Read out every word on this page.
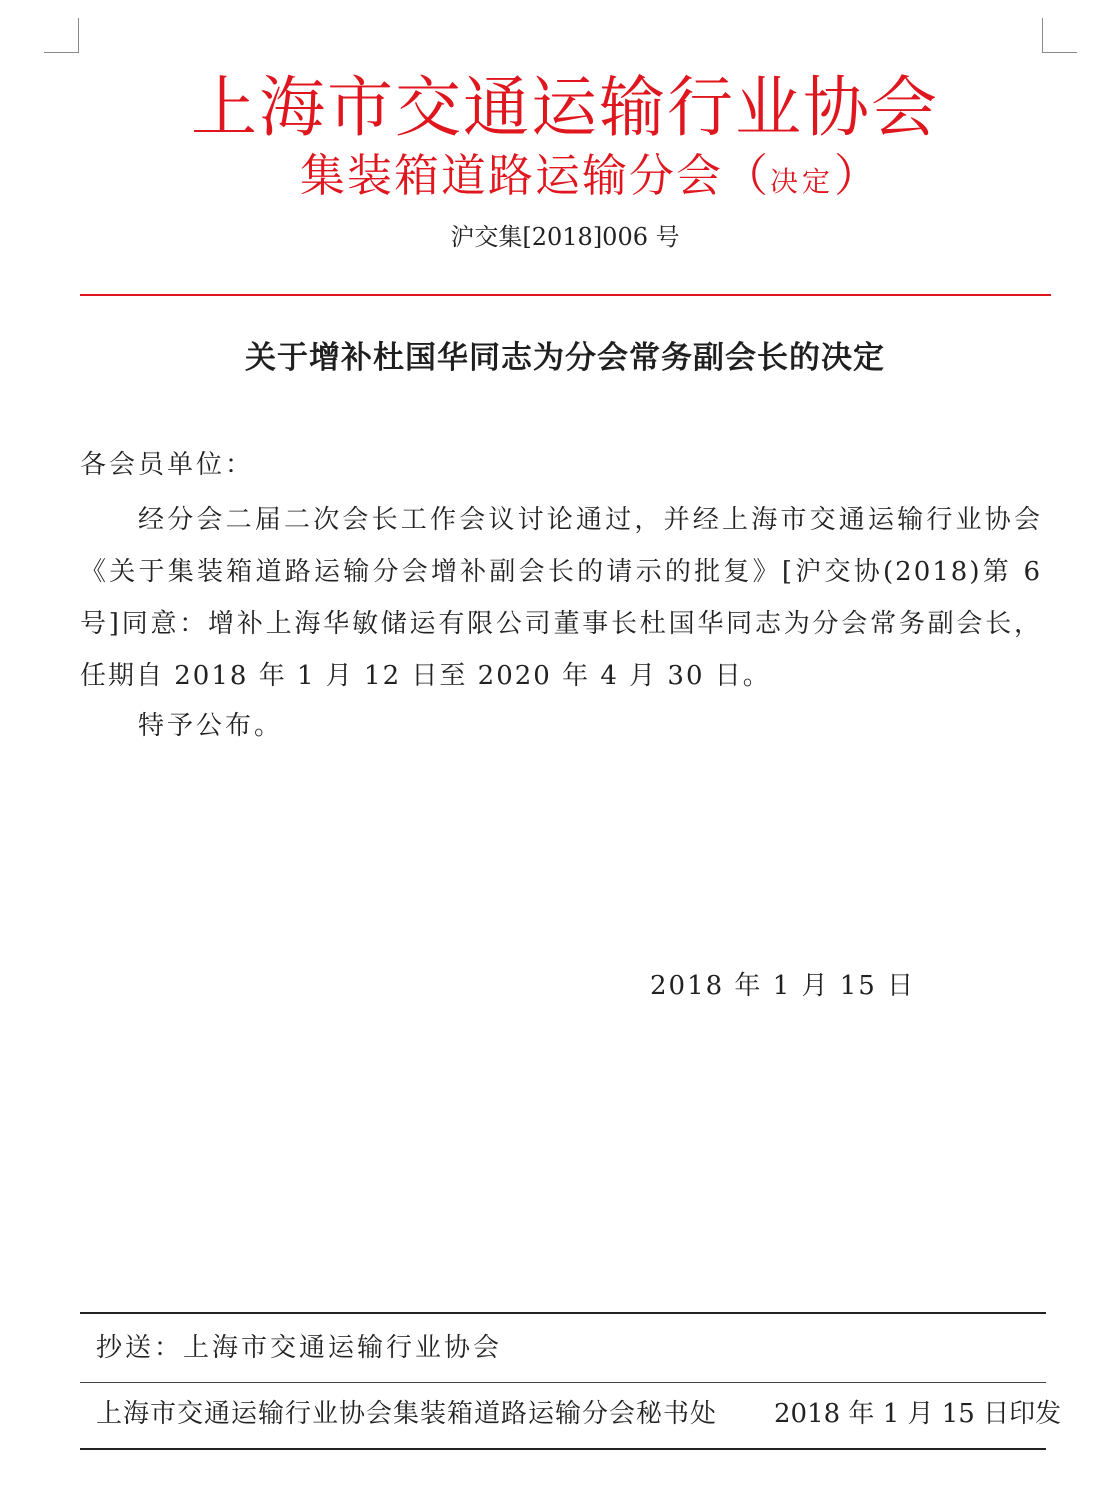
上海市交通运输行业协会
集装箱道路运输分会（决定）
沪交集[2018]006 号
关于增补杜国华同志为分会常务副会长的决定
各会员单位：

经分会二届二次会长工作会议讨论通过，并经上海市交通运输行业协会《关于集装箱道路运输分会增补副会长的请示的批复》[沪交协(2018)第 6 号]同意：增补上海华敏储运有限公司董事长杜国华同志为分会常务副会长，任期自 2018 年 1 月 12 日至 2020 年 4 月 30 日。

特予公布。
2018 年 1 月 15 日
抄送：上海市交通运输行业协会
上海市交通运输行业协会集装箱道路运输分会秘书处 2018 年 1 月 15 日印发
